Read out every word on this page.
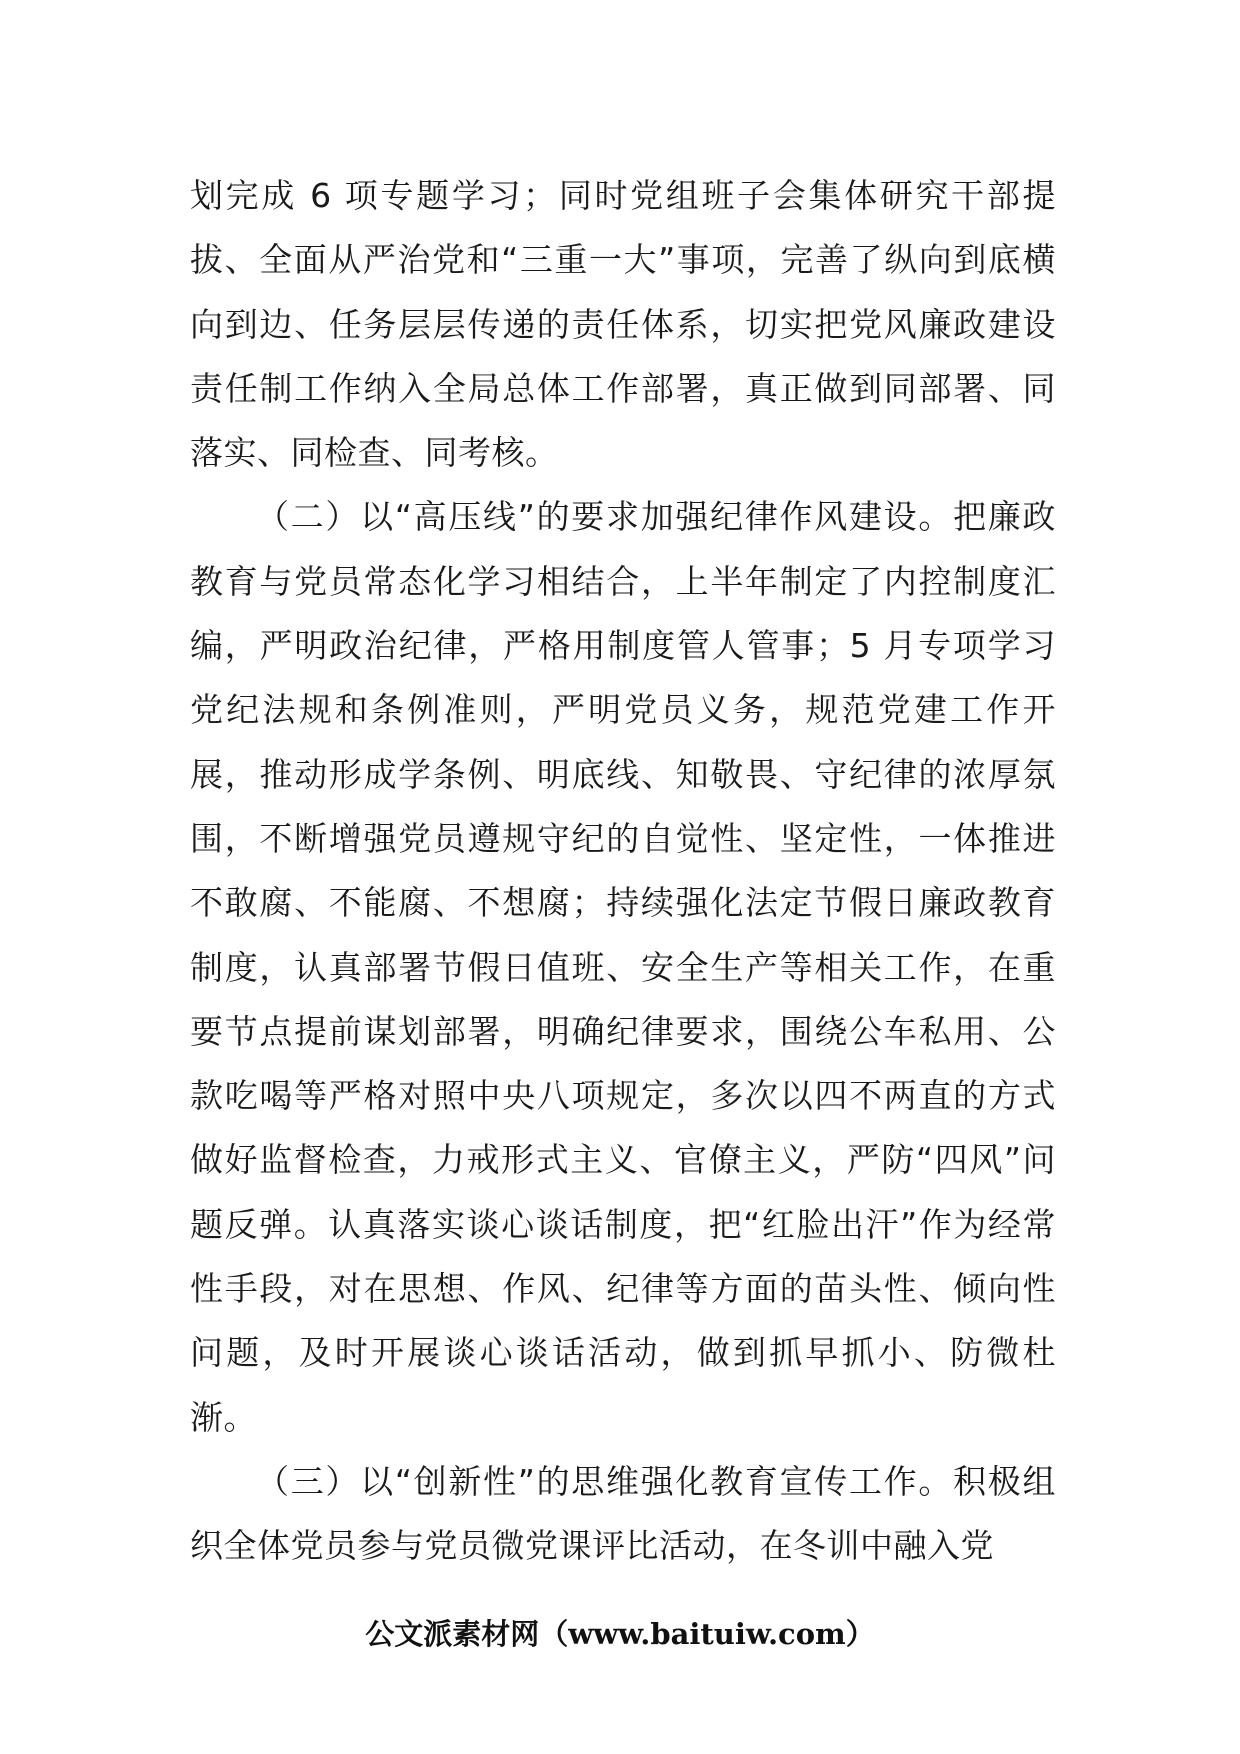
划完成 6 项专题学习；同时党组班子会集体研究干部提拔、全面从严治党和“三重一大”事项，完善了纵向到底横向到边、任务层层传递的责任体系，切实把党风廉政建设责任制工作纳入全局总体工作部署，真正做到同部署、同落实、同检查、同考核。

（二）以“高压线”的要求加强纪律作风建设。把廉政教育与党员常态化学习相结合，上半年制定了内控制度汇编，严明政治纪律，严格用制度管人管事；5 月专项学习党纪法规和条例准则，严明党员义务，规范党建工作开展，推动形成学条例、明底线、知敬畏、守纪律的浓厚氛围，不断增强党员遵规守纪的自觉性、坚定性，一体推进不敢腐、不能腐、不想腐；持续强化法定节假日廉政教育制度，认真部署节假日值班、安全生产等相关工作，在重要节点提前谋划部署，明确纪律要求，围绕公车私用、公款吃喝等严格对照中央八项规定，多次以四不两直的方式做好监督检查，力戒形式主义、官僚主义，严防“四风”问题反弹。认真落实谈心谈话制度，把“红脸出汗”作为经常性手段，对在思想、作风、纪律等方面的苗头性、倾向性问题，及时开展谈心谈话活动，做到抓早抓小、防微杜渐。

（三）以“创新性”的思维强化教育宣传工作。积极组织全体党员参与党员微党课评比活动，在冬训中融入党

公文派素材网（www.baituiw.com）
